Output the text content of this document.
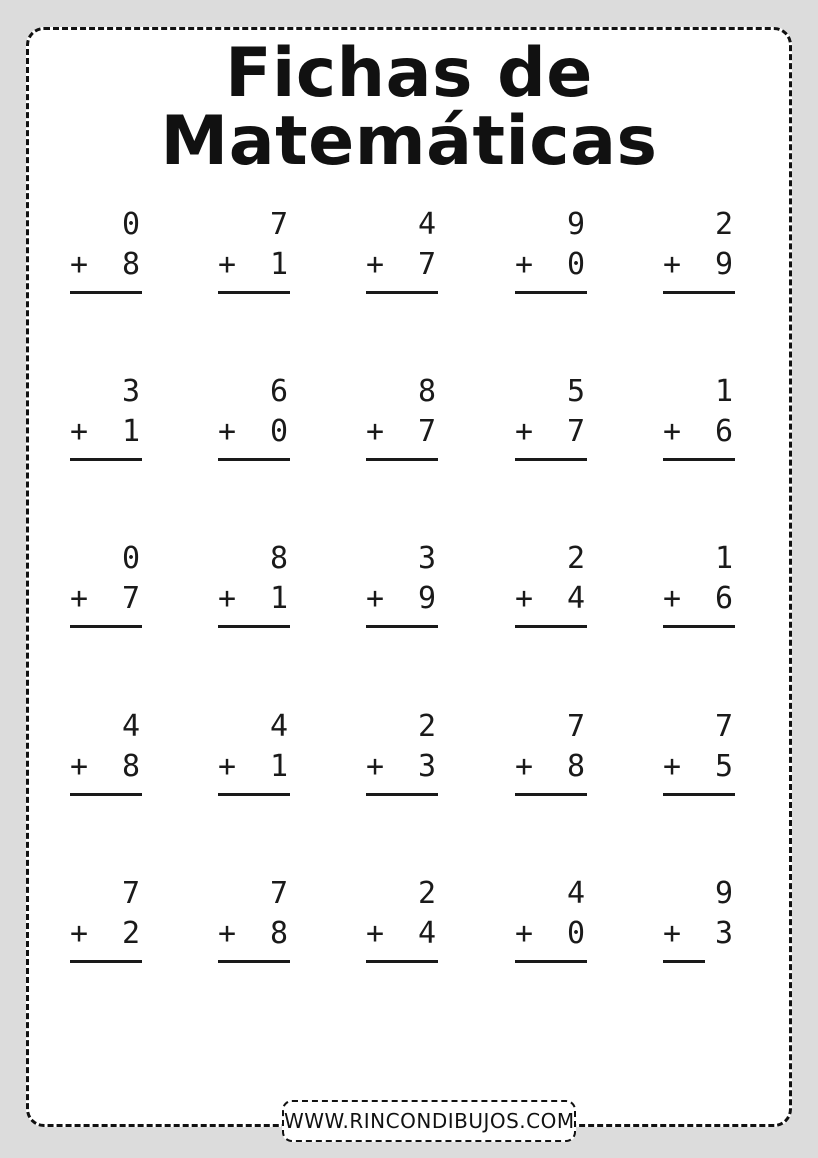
Fichas de Matemáticas
0
+ 8
7
+ 1
4
+ 7
9
+ 0
2
+ 9
3
+ 1
6
+ 0
8
+ 7
5
+ 7
1
+ 6
0
+ 7
8
+ 1
3
+ 9
2
+ 4
1
+ 6
4
+ 8
4
+ 1
2
+ 3
7
+ 8
7
+ 5
7
+ 2
7
+ 8
2
+ 4
4
+ 0
9
+ 3
WWW.RINCONDIBUJOS.COM
